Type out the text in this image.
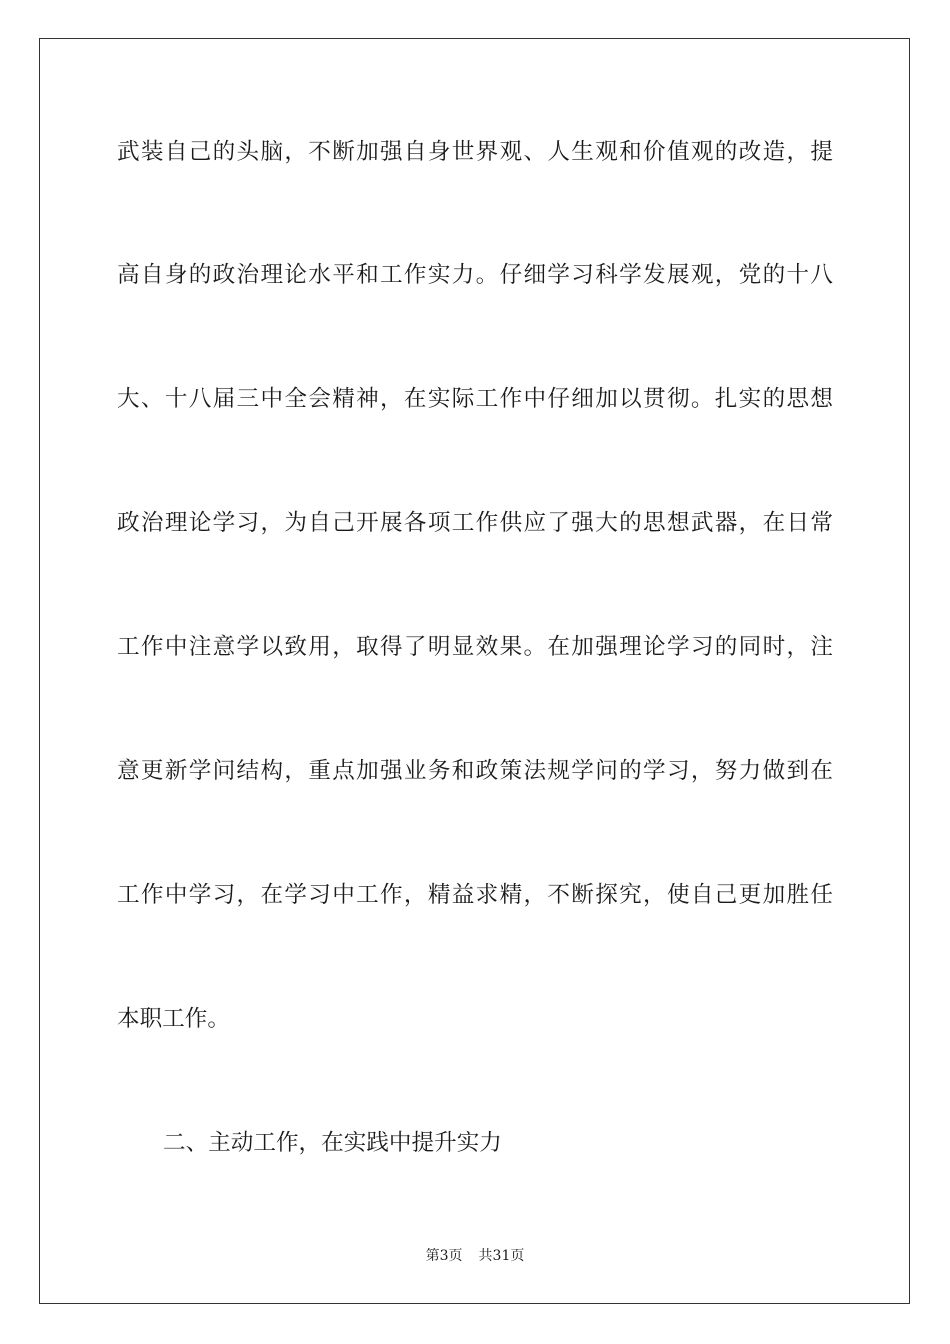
武装自己的头脑，不断加强自身世界观、人生观和价值观的改造，提
高自身的政治理论水平和工作实力。仔细学习科学发展观，党的十八
大、十八届三中全会精神，在实际工作中仔细加以贯彻。扎实的思想
政治理论学习，为自己开展各项工作供应了强大的思想武器，在日常
工作中注意学以致用，取得了明显效果。在加强理论学习的同时，注
意更新学问结构，重点加强业务和政策法规学问的学习，努力做到在
工作中学习，在学习中工作，精益求精，不断探究，使自己更加胜任
本职工作。
二、主动工作，在实践中提升实力
第3页 共31页
